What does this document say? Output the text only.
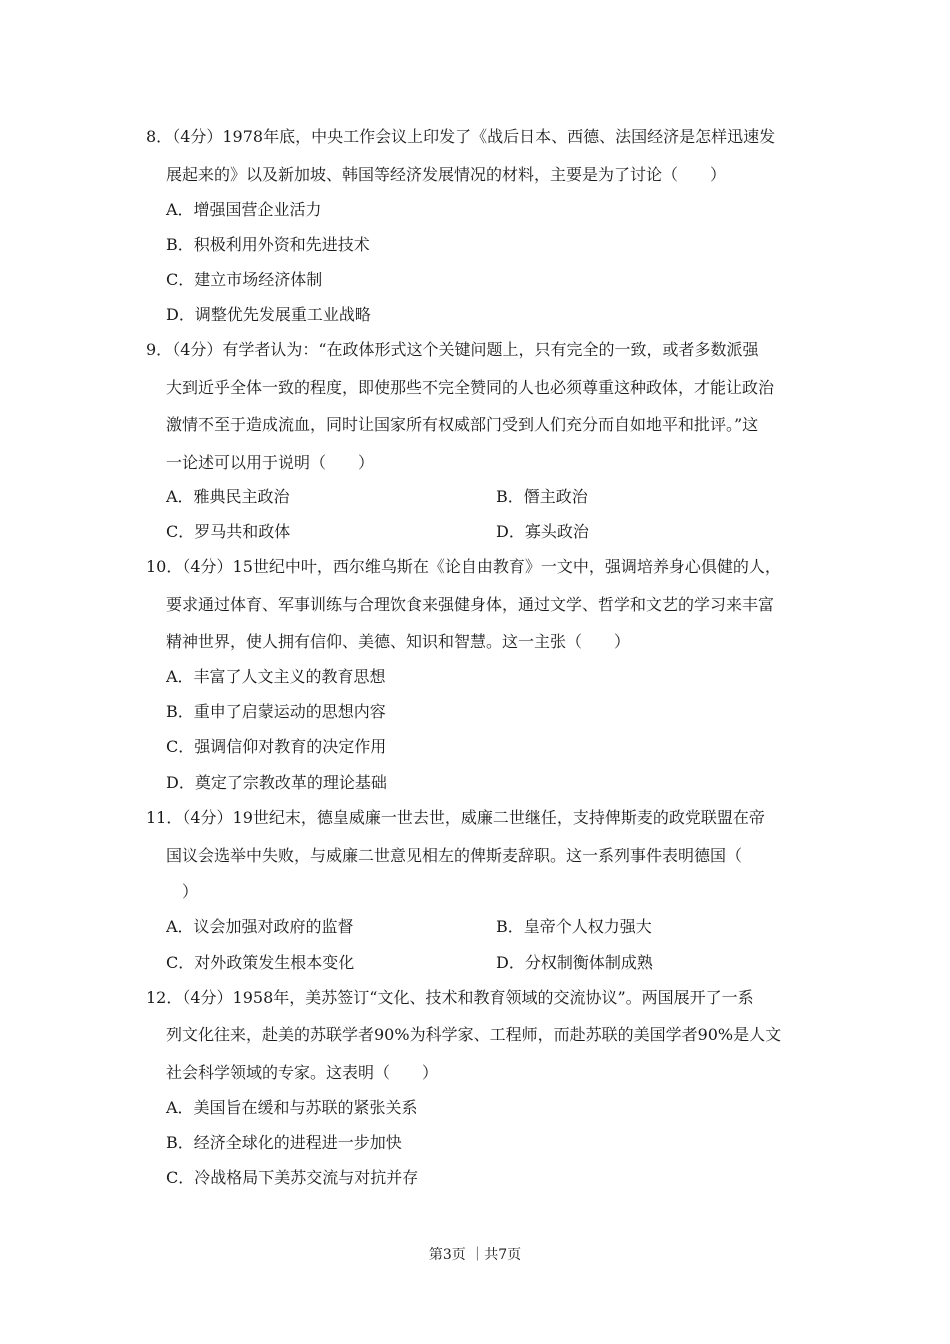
8．（4分）1978年底，中央工作会议上印发了《战后日本、西德、法国经济是怎样迅速发
展起来的》以及新加坡、韩国等经济发展情况的材料，主要是为了讨论（　　）
A．增强国营企业活力
B．积极利用外资和先进技术
C．建立市场经济体制
D．调整优先发展重工业战略
9．（4分）有学者认为：“在政体形式这个关键问题上，只有完全的一致，或者多数派强
大到近乎全体一致的程度，即使那些不完全赞同的人也必须尊重这种政体，才能让政治
激情不至于造成流血，同时让国家所有权威部门受到人们充分而自如地平和批评。”这
一论述可以用于说明（　　）
A．雅典民主政治	B．僭主政治
C．罗马共和政体	D．寡头政治
10．（4分）15世纪中叶，西尔维乌斯在《论自由教育》一文中，强调培养身心俱健的人，
要求通过体育、军事训练与合理饮食来强健身体，通过文学、哲学和文艺的学习来丰富
精神世界，使人拥有信仰、美德、知识和智慧。这一主张（　　）
A．丰富了人文主义的教育思想
B．重申了启蒙运动的思想内容
C．强调信仰对教育的决定作用
D．奠定了宗教改革的理论基础
11．（4分）19世纪末，德皇威廉一世去世，威廉二世继任，支持俾斯麦的政党联盟在帝
国议会选举中失败，与威廉二世意见相左的俾斯麦辞职。这一系列事件表明德国（
　）
A．议会加强对政府的监督	B．皇帝个人权力强大
C．对外政策发生根本变化	D．分权制衡体制成熟
12．（4分）1958年，美苏签订“文化、技术和教育领域的交流协议”。两国展开了一系
列文化往来，赴美的苏联学者90%为科学家、工程师，而赴苏联的美国学者90%是人文
社会科学领域的专家。这表明（　　）
A．美国旨在缓和与苏联的紧张关系
B．经济全球化的进程进一步加快
C．冷战格局下美苏交流与对抗并存
第3页 ｜共7页
